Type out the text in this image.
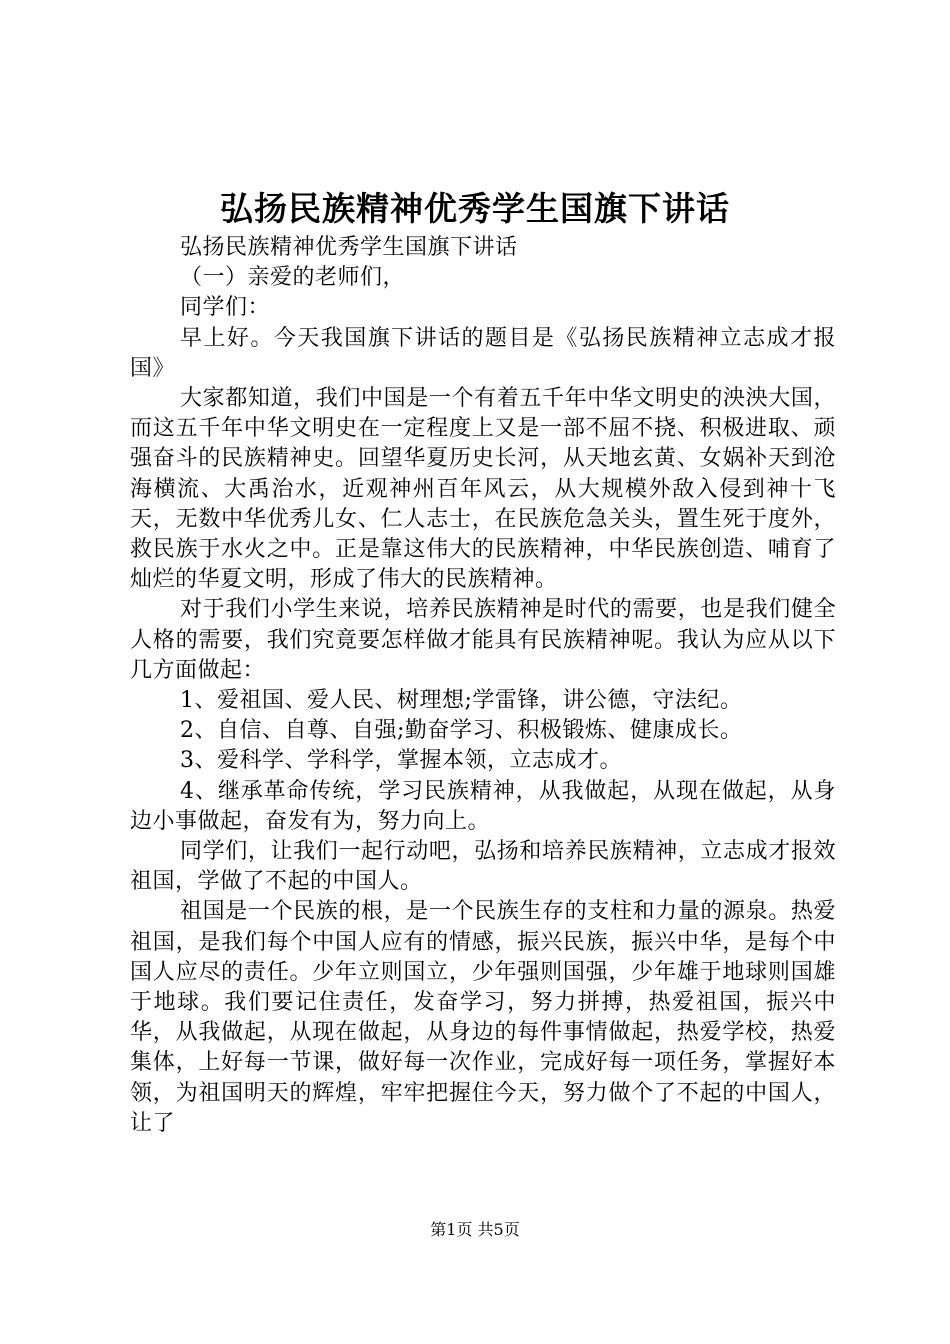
弘扬民族精神优秀学生国旗下讲话

弘扬民族精神优秀学生国旗下讲话

（一）亲爱的老师们，

同学们：

早上好。今天我国旗下讲话的题目是《弘扬民族精神立志成才报国》

大家都知道，我们中国是一个有着五千年中华文明史的泱泱大国，而这五千年中华文明史在一定程度上又是一部不屈不挠、积极进取、顽强奋斗的民族精神史。回望华夏历史长河，从天地玄黄、女娲补天到沧海横流、大禹治水，近观神州百年风云，从大规模外敌入侵到神十飞天，无数中华优秀儿女、仁人志士，在民族危急关头，置生死于度外，救民族于水火之中。正是靠这伟大的民族精神，中华民族创造、哺育了灿烂的华夏文明，形成了伟大的民族精神。

对于我们小学生来说，培养民族精神是时代的需要，也是我们健全人格的需要，我们究竟要怎样做才能具有民族精神呢。我认为应从以下几方面做起：

1、爱祖国、爱人民、树理想;学雷锋，讲公德，守法纪。

2、自信、自尊、自强;勤奋学习、积极锻炼、健康成长。

3、爱科学、学科学，掌握本领，立志成才。

4、继承革命传统，学习民族精神，从我做起，从现在做起，从身边小事做起，奋发有为，努力向上。

同学们，让我们一起行动吧，弘扬和培养民族精神，立志成才报效祖国，学做了不起的中国人。

祖国是一个民族的根，是一个民族生存的支柱和力量的源泉。热爱祖国，是我们每个中国人应有的情感，振兴民族，振兴中华，是每个中国人应尽的责任。少年立则国立，少年强则国强，少年雄于地球则国雄于地球。我们要记住责任，发奋学习，努力拼搏，热爱祖国，振兴中华，从我做起，从现在做起，从身边的每件事情做起，热爱学校，热爱集体，上好每一节课，做好每一次作业，完成好每一项任务，掌握好本领，为祖国明天的辉煌，牢牢把握住今天，努力做个了不起的中国人，让了

第1页 共5页
